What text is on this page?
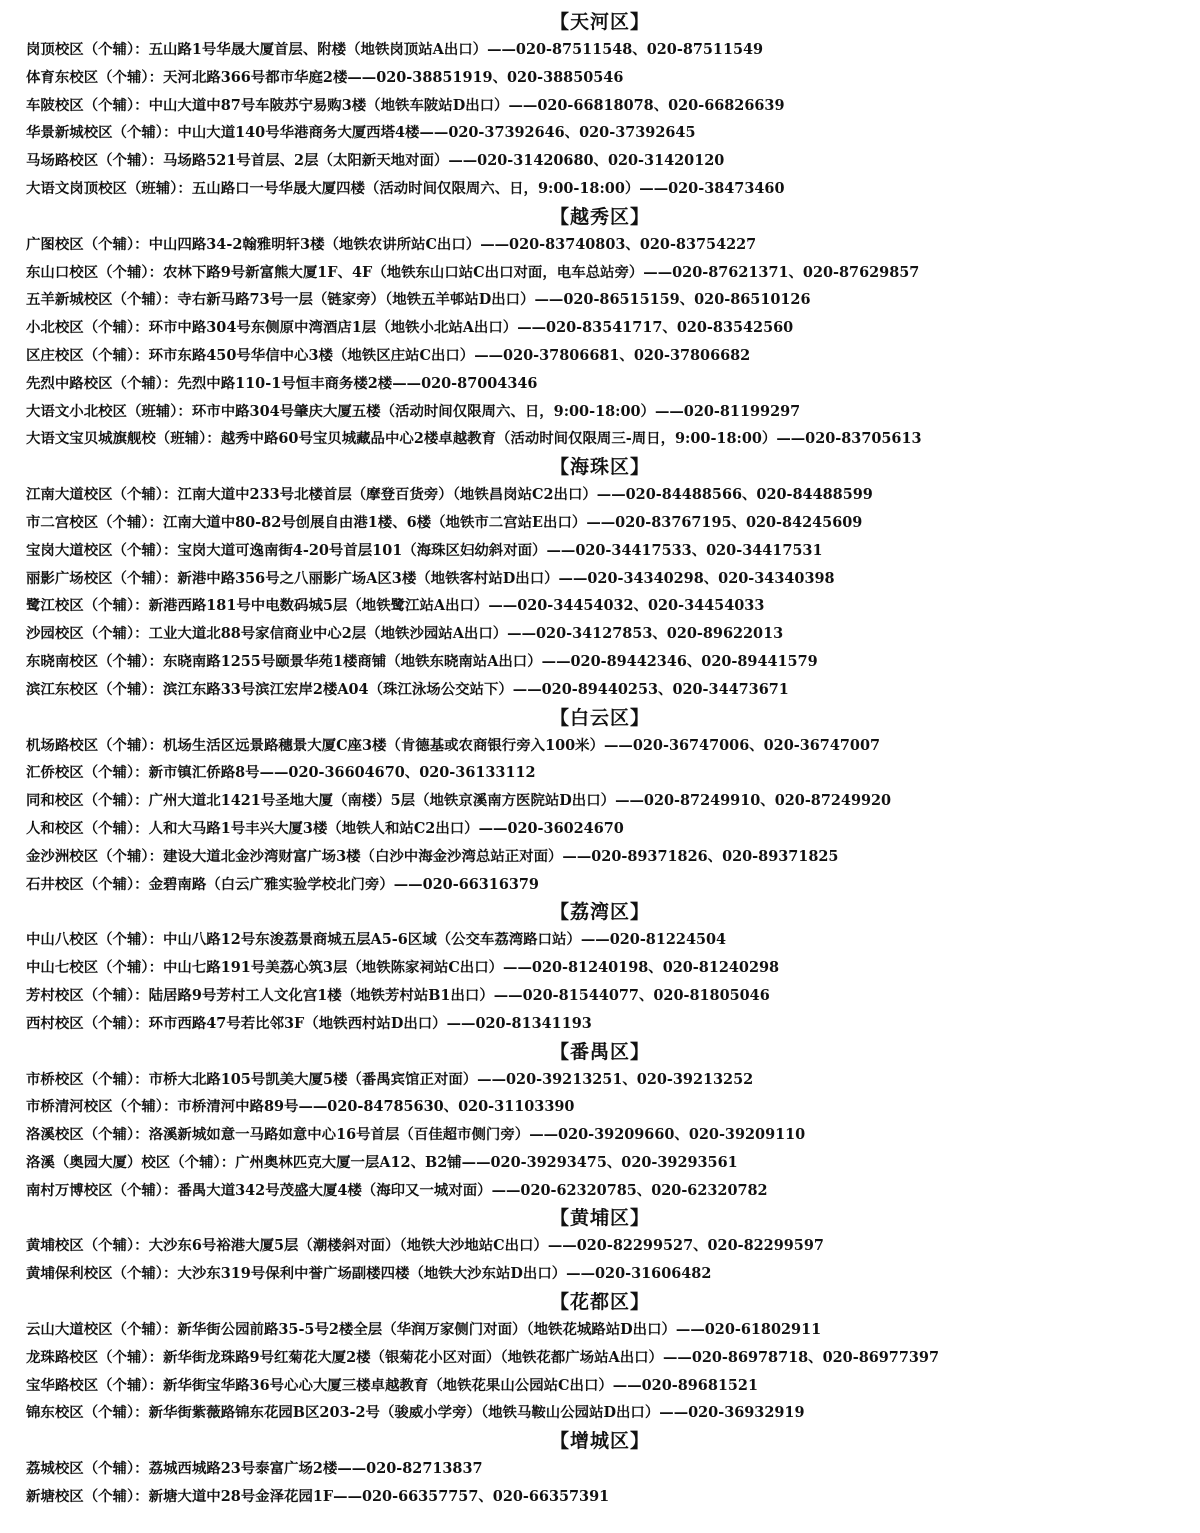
【天河区】
岗顶校区（个辅）：五山路1号华晟大厦首层、附楼（地铁岗顶站A出口）——020-87511548、020-87511549
体育东校区（个辅）：天河北路366号都市华庭2楼——020-38851919、020-38850546
车陂校区（个辅）：中山大道中87号车陂苏宁易购3楼（地铁车陂站D出口）——020-66818078、020-66826639
华景新城校区（个辅）：中山大道140号华港商务大厦西塔4楼——020-37392646、020-37392645
马场路校区（个辅）：马场路521号首层、2层（太阳新天地对面）——020-31420680、020-31420120
大语文岗顶校区（班辅）：五山路口一号华晟大厦四楼（活动时间仅限周六、日，9:00-18:00）——020-38473460
【越秀区】
广图校区（个辅）：中山四路34-2翰雅明轩3楼（地铁农讲所站C出口）——020-83740803、020-83754227
东山口校区（个辅）：农林下路9号新富熊大厦1F、4F（地铁东山口站C出口对面，电车总站旁）——020-87621371、020-87629857
五羊新城校区（个辅）：寺右新马路73号一层（链家旁）（地铁五羊邨站D出口）——020-86515159、020-86510126
小北校区（个辅）：环市中路304号东侧原中湾酒店1层（地铁小北站A出口）——020-83541717、020-83542560
区庄校区（个辅）：环市东路450号华信中心3楼（地铁区庄站C出口）——020-37806681、020-37806682
先烈中路校区（个辅）：先烈中路110-1号恒丰商务楼2楼——020-87004346
大语文小北校区（班辅）：环市中路304号肇庆大厦五楼（活动时间仅限周六、日，9:00-18:00）——020-81199297
大语文宝贝城旗舰校（班辅）：越秀中路60号宝贝城藏品中心2楼卓越教育（活动时间仅限周三-周日，9:00-18:00）——020-83705613
【海珠区】
江南大道校区（个辅）：江南大道中233号北楼首层（摩登百货旁）（地铁昌岗站C2出口）——020-84488566、020-84488599
市二宫校区（个辅）：江南大道中80-82号创展自由港1楼、6楼（地铁市二宫站E出口）——020-83767195、020-84245609
宝岗大道校区（个辅）：宝岗大道可逸南街4-20号首层101（海珠区妇幼斜对面）——020-34417533、020-34417531
丽影广场校区（个辅）：新港中路356号之八丽影广场A区3楼（地铁客村站D出口）——020-34340298、020-34340398
鹭江校区（个辅）：新港西路181号中电数码城5层（地铁鹭江站A出口）——020-34454032、020-34454033
沙园校区（个辅）：工业大道北88号家信商业中心2层（地铁沙园站A出口）——020-34127853、020-89622013
东晓南校区（个辅）：东晓南路1255号颐景华苑1楼商铺（地铁东晓南站A出口）——020-89442346、020-89441579
滨江东校区（个辅）：滨江东路33号滨江宏岸2楼A04（珠江泳场公交站下）——020-89440253、020-34473671
【白云区】
机场路校区（个辅）：机场生活区远景路穗景大厦C座3楼（肯德基或农商银行旁入100米）——020-36747006、020-36747007
汇侨校区（个辅）：新市镇汇侨路8号——020-36604670、020-36133112
同和校区（个辅）：广州大道北1421号圣地大厦（南楼）5层（地铁京溪南方医院站D出口）——020-87249910、020-87249920
人和校区（个辅）：人和大马路1号丰兴大厦3楼（地铁人和站C2出口）——020-36024670
金沙洲校区（个辅）：建设大道北金沙湾财富广场3楼（白沙中海金沙湾总站正对面）——020-89371826、020-89371825
石井校区（个辅）：金碧南路（白云广雅实验学校北门旁）——020-66316379
【荔湾区】
中山八校区（个辅）：中山八路12号东浚荔景商城五层A5-6区域（公交车荔湾路口站）——020-81224504
中山七校区（个辅）：中山七路191号美荔心筑3层（地铁陈家祠站C出口）——020-81240198、020-81240298
芳村校区（个辅）：陆居路9号芳村工人文化宫1楼（地铁芳村站B1出口）——020-81544077、020-81805046
西村校区（个辅）：环市西路47号若比邻3F（地铁西村站D出口）——020-81341193
【番禺区】
市桥校区（个辅）：市桥大北路105号凯美大厦5楼（番禺宾馆正对面）——020-39213251、020-39213252
市桥清河校区（个辅）：市桥清河中路89号——020-84785630、020-31103390
洛溪校区（个辅）：洛溪新城如意一马路如意中心16号首层（百佳超市侧门旁）——020-39209660、020-39209110
洛溪（奥园大厦）校区（个辅）：广州奥林匹克大厦一层A12、B2铺——020-39293475、020-39293561
南村万博校区（个辅）：番禺大道342号茂盛大厦4楼（海印又一城对面）——020-62320785、020-62320782
【黄埔区】
黄埔校区（个辅）：大沙东6号裕港大厦5层（潮楼斜对面）（地铁大沙地站C出口）——020-82299527、020-82299597
黄埔保利校区（个辅）：大沙东319号保利中誉广场副楼四楼（地铁大沙东站D出口）——020-31606482
【花都区】
云山大道校区（个辅）：新华街公园前路35-5号2楼全层（华润万家侧门对面）（地铁花城路站D出口）——020-61802911
龙珠路校区（个辅）：新华街龙珠路9号红菊花大厦2楼（银菊花小区对面）（地铁花都广场站A出口）——020-86978718、020-86977397
宝华路校区（个辅）：新华街宝华路36号心心大厦三楼卓越教育（地铁花果山公园站C出口）——020-89681521
锦东校区（个辅）：新华街紫薇路锦东花园B区203-2号（骏威小学旁）（地铁马鞍山公园站D出口）——020-36932919
【增城区】
荔城校区（个辅）：荔城西城路23号泰富广场2楼——020-82713837
新塘校区（个辅）：新塘大道中28号金泽花园1F——020-66357757、020-66357391
